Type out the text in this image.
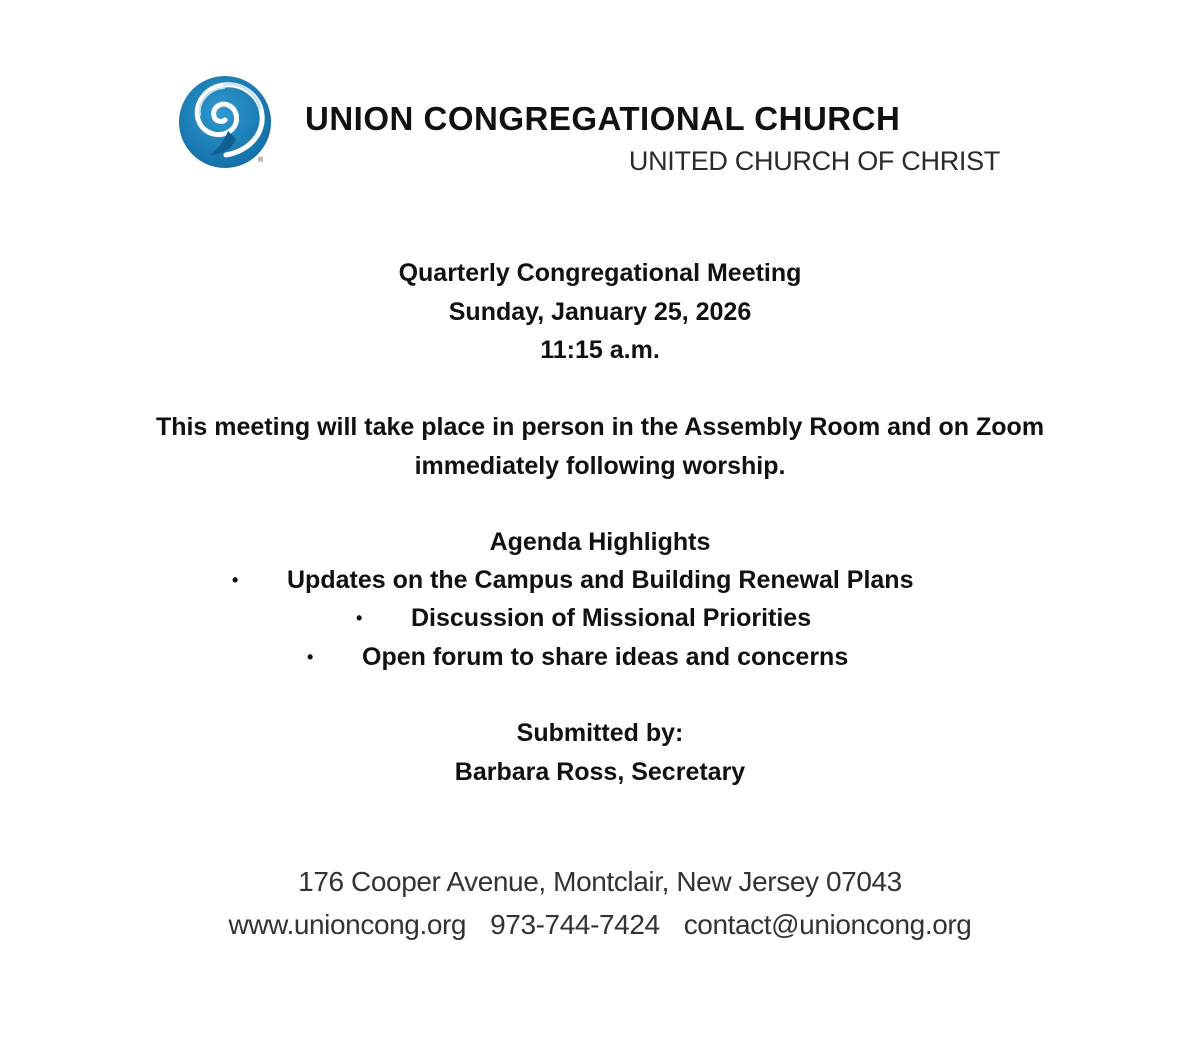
®
UNION CONGREGATIONAL CHURCH
UNITED CHURCH OF CHRIST

Quarterly Congregational Meeting

Sunday, January 25, 2026

11:15 a.m.

This meeting will take place in person in the Assembly Room and on Zoom

immediately following worship.

Agenda Highlights

• Updates on the Campus and Building Renewal Plans
• Discussion of Missional Priorities
• Open forum to share ideas and concerns

Submitted by:

Barbara Ross, Secretary

176 Cooper Avenue, Montclair, New Jersey 07043
www.unioncong.org 973-744-7424 contact@unioncong.org
